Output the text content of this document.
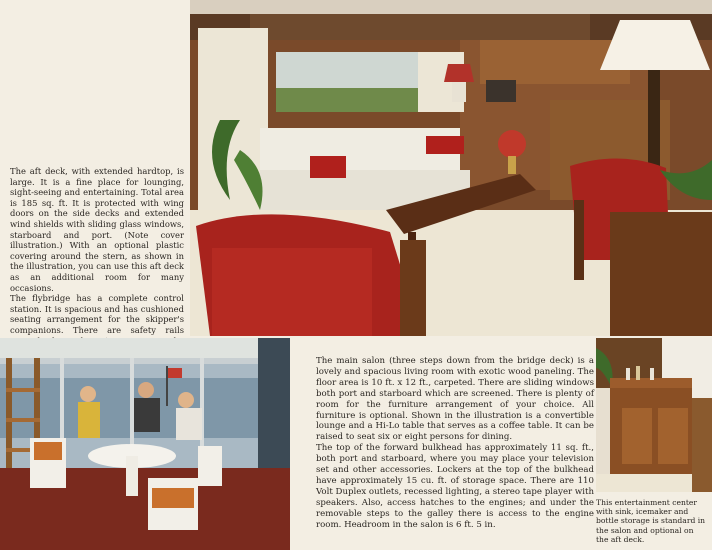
The aft deck, with extended hardtop, is large. It is a fine place for lounging, sight-seeing and entertaining. Total area is 185 sq. ft. It is protected with wing doors on the side decks and extended wind shields with sliding glass windows, starboard and port. (Note cover illustration.) With an optional plastic covering around the stern, as shown in the illustration, you can use this aft deck as an additional room for many occasions.

The flybridge has a complete control station. It is spacious and has cushioned seating arrangement for the skipper's companions. There are safety rails

The main salon (three steps down from the bridge deck) is a lovely and spacious living room with exotic wood paneling. The floor area is 10 ft. x 12 ft., carpeted. There are sliding windows both port and starboard which are screened. There is plenty of room for the furniture arrangement of your choice. All furniture is optional. Shown in the illustration is a convertible lounge and a Hi-Lo table that serves as a coffee table. It can be raised to seat six or eight persons for dining.

The top of the forward bulkhead has approximately 11 sq. ft., both port and starboard, where you may place your television set and other accessories. Lockers at the top of the bulkhead have approximately 15 cu. ft. of storage space. There are 110 Volt Duplex outlets, recessed lighting, a stereo tape player with speakers. Also, access hatches to the engines; and under the removable steps to the galley there is access to the engine room. Headroom in the salon is 6 ft. 5 in.

This entertainment center with sink, icemaker and bottle storage is standard in the salon and optional on the aft deck.
